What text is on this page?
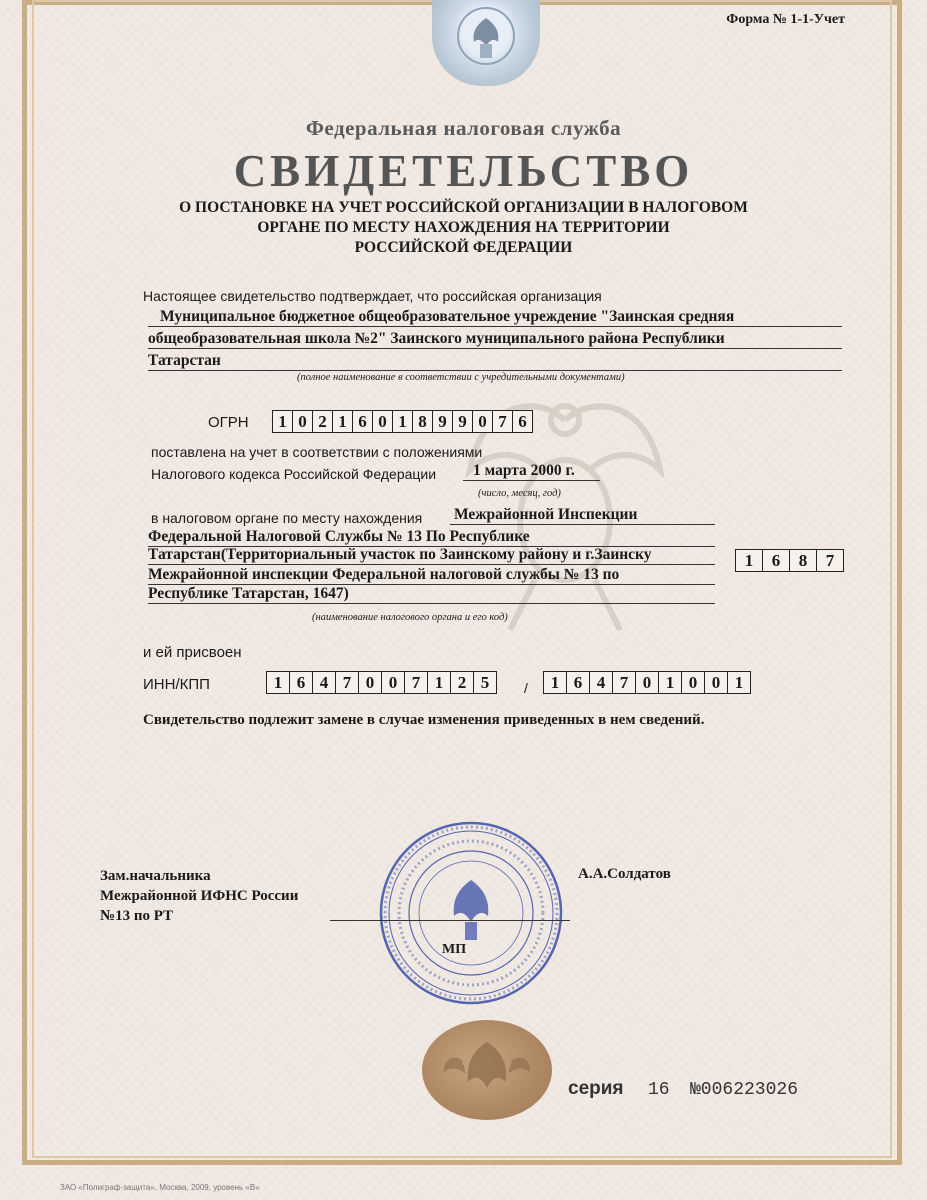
Форма № 1-1-Учет
Федеральная налоговая служба
СВИДЕТЕЛЬСТВО
О ПОСТАНОВКЕ НА УЧЕТ РОССИЙСКОЙ ОРГАНИЗАЦИИ В НАЛОГОВОМ
ОРГАНЕ ПО МЕСТУ НАХОЖДЕНИЯ НА ТЕРРИТОРИИ
РОССИЙСКОЙ ФЕДЕРАЦИИ
Настоящее свидетельство подтверждает, что российская организация
Муниципальное бюджетное общеобразовательное учреждение "Заинская средняя
общеобразовательная школа №2" Заинского муниципального района Республики
Татарстан
(полное наименование в соответствии с учредительными документами)
ОГРН	1 0 2 1 6 0 1 8 9 9 0 7 6
поставлена на учет в соответствии с положениями
Налогового кодекса Российской Федерации	1 марта 2000 г.
(число, месяц, год)
в налоговом органе по месту нахождения Межрайонной Инспекции
Федеральной Налоговой Службы № 13 По Республике
Татарстан(Территориальный участок по Заинскому району и г.Заинску
Межрайонной инспекции Федеральной налоговой службы № 13 по
Республике Татарстан, 1647)
(наименование налогового органа и его код)
1	6	8	7
и ей присвоен
ИНН/КПП	1 6 4 7 0 0 7 1 2 5	/	1 6 4 7 0 1 0 0 1
Свидетельство подлежит замене в случае изменения приведенных в нем сведений.
Зам.начальника
Межрайонной ИФНС России
№13 по РТ
А.А.Солдатов
МП
серия 16 №006223026
ЗАО «Полиграф-защита», Москва, 2009, уровень «В»
